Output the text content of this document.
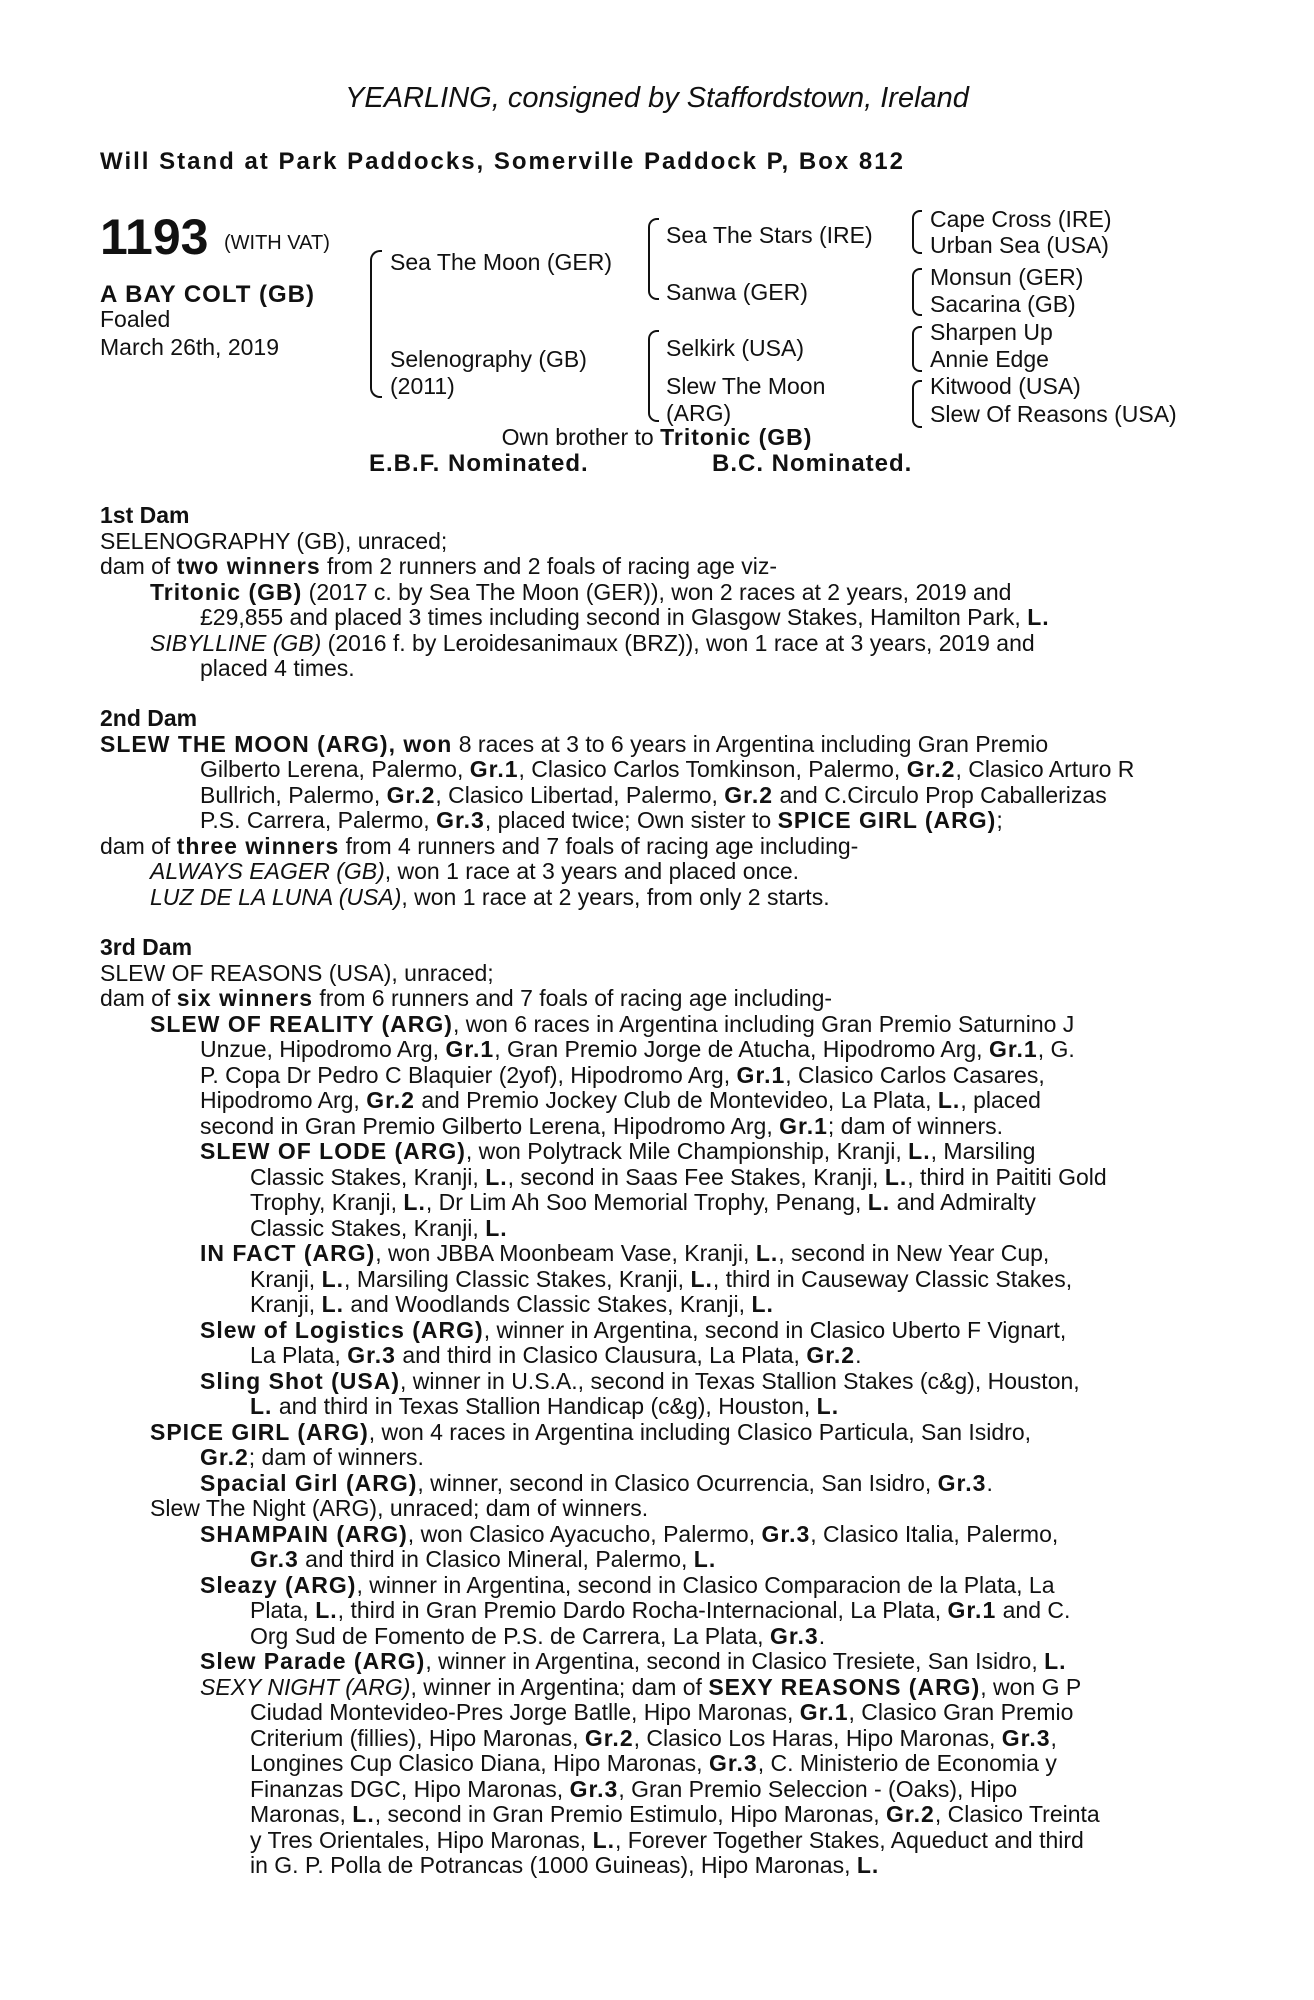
YEARLING, consigned by Staffordstown, Ireland
Will Stand at Park Paddocks, Somerville Paddock P, Box 812
1193 (WITH VAT)
A BAY COLT (GB)
Foaled
March 26th, 2019
Sea The Moon (GER)
Selenography (GB)
(2011)
Sea The Stars (IRE)
Sanwa (GER)
Selkirk (USA)
Slew The Moon
(ARG)
Cape Cross (IRE)
Urban Sea (USA)
Monsun (GER)
Sacarina (GB)
Sharpen Up
Annie Edge
Kitwood (USA)
Slew Of Reasons (USA)
Own brother to Tritonic (GB)
E.B.F. Nominated.	B.C. Nominated.
1st Dam
SELENOGRAPHY (GB), unraced;
dam of two winners from 2 runners and 2 foals of racing age viz-
Tritonic (GB) (2017 c. by Sea The Moon (GER)), won 2 races at 2 years, 2019 and
£29,855 and placed 3 times including second in Glasgow Stakes, Hamilton Park, L.
SIBYLLINE (GB) (2016 f. by Leroidesanimaux (BRZ)), won 1 race at 3 years, 2019 and
placed 4 times.
2nd Dam
SLEW THE MOON (ARG), won 8 races at 3 to 6 years in Argentina including Gran Premio
Gilberto Lerena, Palermo, Gr.1, Clasico Carlos Tomkinson, Palermo, Gr.2, Clasico Arturo R
Bullrich, Palermo, Gr.2, Clasico Libertad, Palermo, Gr.2 and C.Circulo Prop Caballerizas
P.S. Carrera, Palermo, Gr.3, placed twice; Own sister to SPICE GIRL (ARG);
dam of three winners from 4 runners and 7 foals of racing age including-
ALWAYS EAGER (GB), won 1 race at 3 years and placed once.
LUZ DE LA LUNA (USA), won 1 race at 2 years, from only 2 starts.
3rd Dam
SLEW OF REASONS (USA), unraced;
dam of six winners from 6 runners and 7 foals of racing age including-
SLEW OF REALITY (ARG), won 6 races in Argentina including Gran Premio Saturnino J
Unzue, Hipodromo Arg, Gr.1, Gran Premio Jorge de Atucha, Hipodromo Arg, Gr.1, G.
P. Copa Dr Pedro C Blaquier (2yof), Hipodromo Arg, Gr.1, Clasico Carlos Casares,
Hipodromo Arg, Gr.2 and Premio Jockey Club de Montevideo, La Plata, L., placed
second in Gran Premio Gilberto Lerena, Hipodromo Arg, Gr.1; dam of winners.
SLEW OF LODE (ARG), won Polytrack Mile Championship, Kranji, L., Marsiling
Classic Stakes, Kranji, L., second in Saas Fee Stakes, Kranji, L., third in Paititi Gold
Trophy, Kranji, L., Dr Lim Ah Soo Memorial Trophy, Penang, L. and Admiralty
Classic Stakes, Kranji, L.
IN FACT (ARG), won JBBA Moonbeam Vase, Kranji, L., second in New Year Cup,
Kranji, L., Marsiling Classic Stakes, Kranji, L., third in Causeway Classic Stakes,
Kranji, L. and Woodlands Classic Stakes, Kranji, L.
Slew of Logistics (ARG), winner in Argentina, second in Clasico Uberto F Vignart,
La Plata, Gr.3 and third in Clasico Clausura, La Plata, Gr.2.
Sling Shot (USA), winner in U.S.A., second in Texas Stallion Stakes (c&g), Houston,
L. and third in Texas Stallion Handicap (c&g), Houston, L.
SPICE GIRL (ARG), won 4 races in Argentina including Clasico Particula, San Isidro,
Gr.2; dam of winners.
Spacial Girl (ARG), winner, second in Clasico Ocurrencia, San Isidro, Gr.3.
Slew The Night (ARG), unraced; dam of winners.
SHAMPAIN (ARG), won Clasico Ayacucho, Palermo, Gr.3, Clasico Italia, Palermo,
Gr.3 and third in Clasico Mineral, Palermo, L.
Sleazy (ARG), winner in Argentina, second in Clasico Comparacion de la Plata, La
Plata, L., third in Gran Premio Dardo Rocha-Internacional, La Plata, Gr.1 and C.
Org Sud de Fomento de P.S. de Carrera, La Plata, Gr.3.
Slew Parade (ARG), winner in Argentina, second in Clasico Tresiete, San Isidro, L.
SEXY NIGHT (ARG), winner in Argentina; dam of SEXY REASONS (ARG), won G P
Ciudad Montevideo-Pres Jorge Batlle, Hipo Maronas, Gr.1, Clasico Gran Premio
Criterium (fillies), Hipo Maronas, Gr.2, Clasico Los Haras, Hipo Maronas, Gr.3,
Longines Cup Clasico Diana, Hipo Maronas, Gr.3, C. Ministerio de Economia y
Finanzas DGC, Hipo Maronas, Gr.3, Gran Premio Seleccion - (Oaks), Hipo
Maronas, L., second in Gran Premio Estimulo, Hipo Maronas, Gr.2, Clasico Treinta
y Tres Orientales, Hipo Maronas, L., Forever Together Stakes, Aqueduct and third
in G. P. Polla de Potrancas (1000 Guineas), Hipo Maronas, L.
